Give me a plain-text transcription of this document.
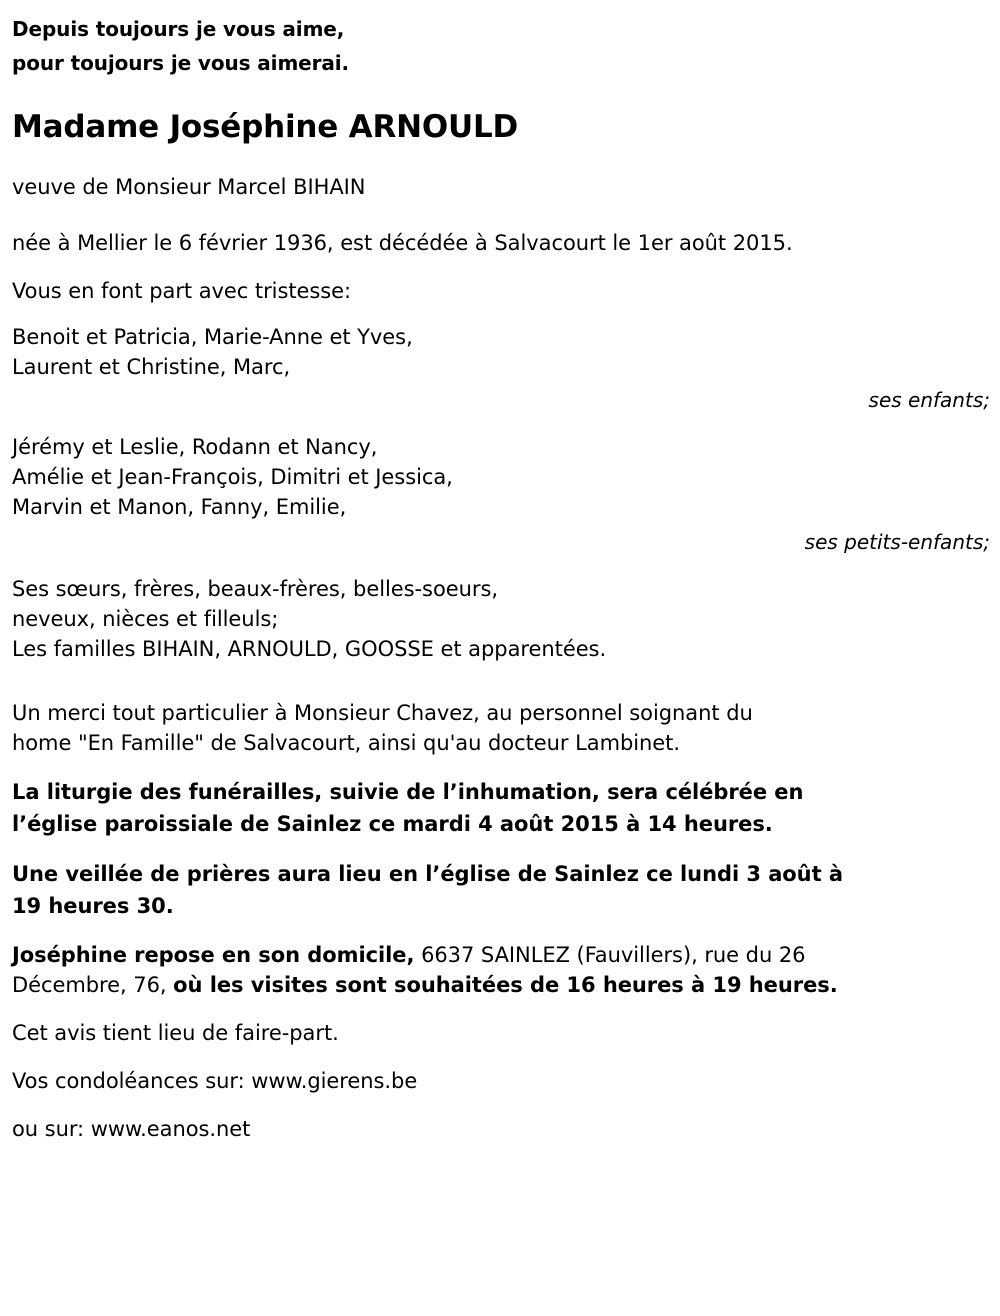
Depuis toujours je vous aime,
pour toujours je vous aimerai.
Madame Joséphine ARNOULD
veuve de Monsieur Marcel BIHAIN
née à Mellier le 6 février 1936, est décédée à Salvacourt le 1er août 2015.
Vous en font part avec tristesse:
Benoit et Patricia, Marie-Anne et Yves,
Laurent et Christine, Marc,
ses enfants;
Jérémy et Leslie, Rodann et Nancy,
Amélie et Jean-François, Dimitri et Jessica,
Marvin et Manon, Fanny, Emilie,
ses petits-enfants;
Ses sœurs, frères, beaux-frères, belles-soeurs,
neveux, nièces et filleuls;
Les familles BIHAIN, ARNOULD, GOOSSE et apparentées.
Un merci tout particulier à Monsieur Chavez, au personnel soignant du
home "En Famille" de Salvacourt, ainsi qu'au docteur Lambinet.
La liturgie des funérailles, suivie de l’inhumation, sera célébrée en
l’église paroissiale de Sainlez ce mardi 4 août 2015 à 14 heures.
Une veillée de prières aura lieu en l’église de Sainlez ce lundi 3 août à
19 heures 30.
Joséphine repose en son domicile, 6637 SAINLEZ (Fauvillers), rue du 26
Décembre, 76, où les visites sont souhaitées de 16 heures à 19 heures.
Cet avis tient lieu de faire-part.
Vos condoléances sur: www.gierens.be
ou sur: www.eanos.net
